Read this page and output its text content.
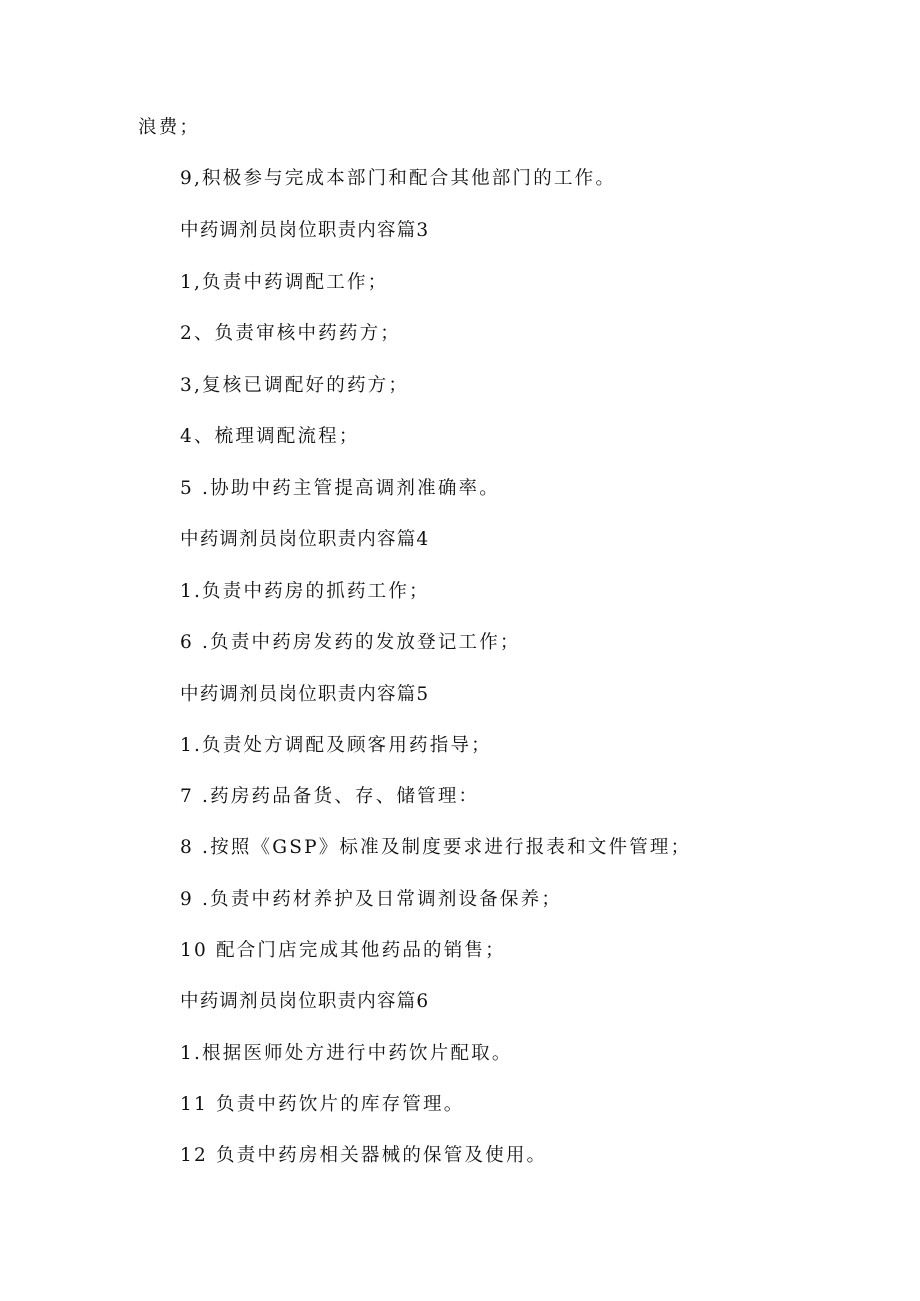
浪费；

9,积极参与完成本部门和配合其他部门的工作。

中药调剂员岗位职责内容篇3

1,负责中药调配工作；

2、负责审核中药药方；

3,复核已调配好的药方；

4、梳理调配流程；

5 .协助中药主管提高调剂准确率。

中药调剂员岗位职责内容篇4

1.负责中药房的抓药工作；

6 .负责中药房发药的发放登记工作；

中药调剂员岗位职责内容篇5

1.负责处方调配及顾客用药指导；

7 .药房药品备货、存、储管理：

8 .按照《GSP》标准及制度要求进行报表和文件管理；

9 .负责中药材养护及日常调剂设备保养；

10 配合门店完成其他药品的销售；

中药调剂员岗位职责内容篇6

1.根据医师处方进行中药饮片配取。

11 负责中药饮片的库存管理。

12 负责中药房相关器械的保管及使用。
